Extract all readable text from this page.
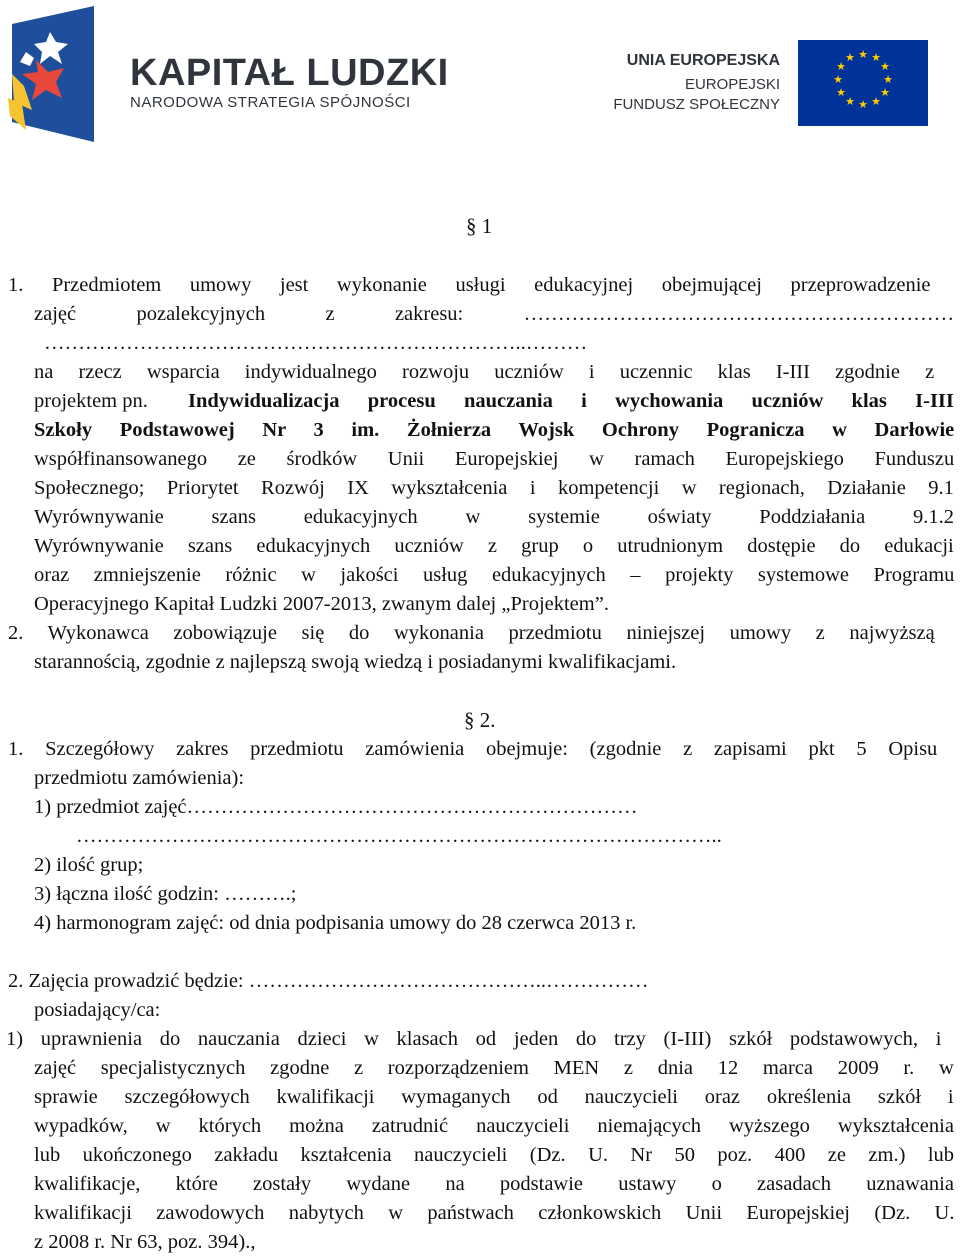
KAPITAŁ LUDZKI
NARODOWA STRATEGIA SPÓJNOŚCI
UNIA EUROPEJSKA
EUROPEJSKI
FUNDUSZ SPOŁECZNY
★ ★
★
★
★
★
★
★
★
★
★
★
§ 1
1. Przedmiotem umowy jest wykonanie usługi edukacyjnej obejmującej przeprowadzenie
zajęć pozalekcyjnych z zakresu: ………………………………………………………
……………………………………………………………..………
na rzecz wsparcia indywidualnego rozwoju uczniów i uczennic klas I-III zgodnie z
projektem pn. Indywidualizacja procesu nauczania i wychowania uczniów klas I-III
Szkoły Podstawowej Nr 3 im. Żołnierza Wojsk Ochrony Pogranicza w Darłowie
współfinansowanego ze środków Unii Europejskiej w ramach Europejskiego Funduszu
Społecznego; Priorytet Rozwój IX wykształcenia i kompetencji w regionach, Działanie 9.1
Wyrównywanie szans edukacyjnych w systemie oświaty Poddziałania 9.1.2
Wyrównywanie szans edukacyjnych uczniów z grup o utrudnionym dostępie do edukacji
oraz zmniejszenie różnic w jakości usług edukacyjnych – projekty systemowe Programu
Operacyjnego Kapitał Ludzki 2007-2013, zwanym dalej „Projektem”.
2. Wykonawca zobowiązuje się do wykonania przedmiotu niniejszej umowy z najwyższą
starannością, zgodnie z najlepszą swoją wiedzą i posiadanymi kwalifikacjami.
§ 2.
1. Szczegółowy zakres przedmiotu zamówienia obejmuje: (zgodnie z zapisami pkt 5 Opisu
przedmiotu zamówienia):
1) przedmiot zajęć…………………………………………………………
…………………………………………………………………………………..
2) ilość grup;
3) łączna ilość godzin: ……….;
4) harmonogram zajęć: od dnia podpisania umowy do 28 czerwca 2013 r.
2. Zajęcia prowadzić będzie: ……………………………………..……………
posiadający/ca:
1) uprawnienia do nauczania dzieci w klasach od jeden do trzy (I-III) szkół podstawowych, i
zajęć specjalistycznych zgodne z rozporządzeniem MEN z dnia 12 marca 2009 r. w
sprawie szczegółowych kwalifikacji wymaganych od nauczycieli oraz określenia szkół i
wypadków, w których można zatrudnić nauczycieli niemających wyższego wykształcenia
lub ukończonego zakładu kształcenia nauczycieli (Dz. U. Nr 50 poz. 400 ze zm.) lub
kwalifikacje, które zostały wydane na podstawie ustawy o zasadach uznawania
kwalifikacji zawodowych nabytych w państwach członkowskich Unii Europejskiej (Dz. U.
z 2008 r. Nr 63, poz. 394).,
